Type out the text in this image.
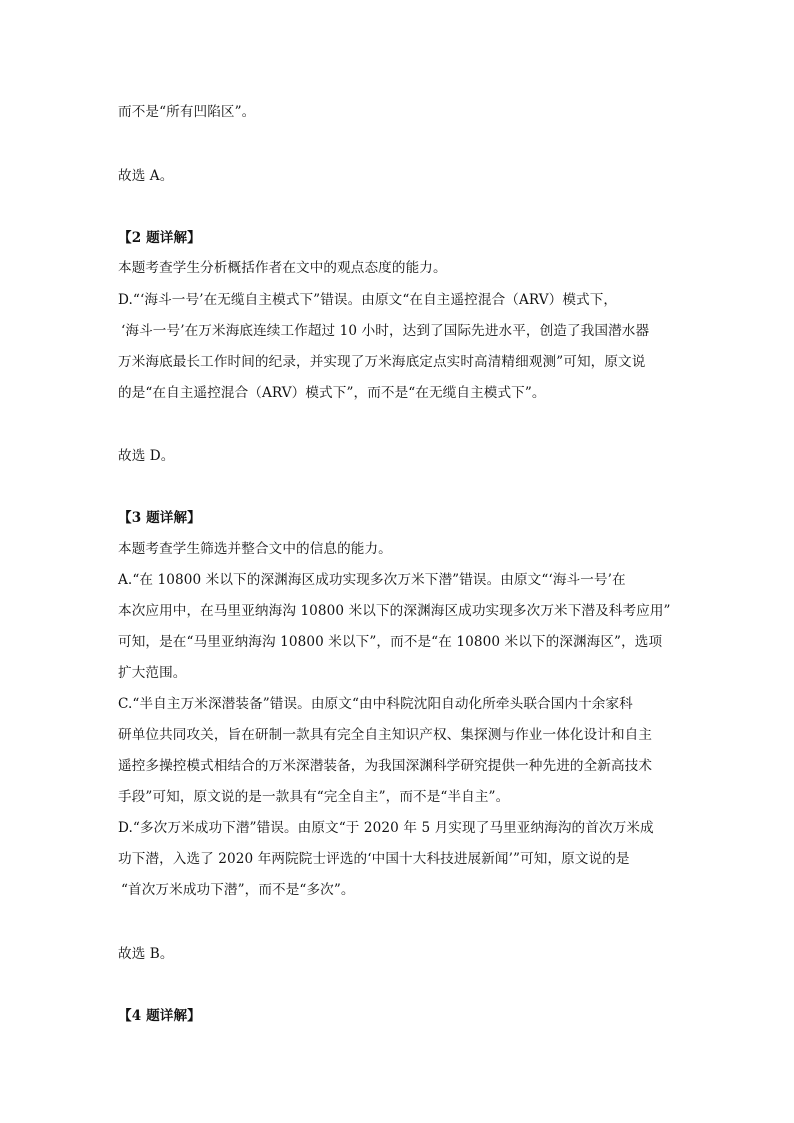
而不是“所有凹陷区”。
故选 A。
【2 题详解】
本题考查学生分析概括作者在文中的观点态度的能力。
D.“‘海斗一号’在无缆自主模式下”错误。由原文“在自主遥控混合（ARV）模式下，
‘海斗一号’在万米海底连续工作超过 10 小时，达到了国际先进水平，创造了我国潜水器
万米海底最长工作时间的纪录，并实现了万米海底定点实时高清精细观测”可知，原文说
的是“在自主遥控混合（ARV）模式下”，而不是“在无缆自主模式下”。
故选 D。
【3 题详解】
本题考查学生筛选并整合文中的信息的能力。
A.“在 10800 米以下的深渊海区成功实现多次万米下潜”错误。由原文“‘海斗一号’在
本次应用中，在马里亚纳海沟 10800 米以下的深渊海区成功实现多次万米下潜及科考应用”
可知，是在“马里亚纳海沟 10800 米以下”，而不是“在 10800 米以下的深渊海区”，选项
扩大范围。
C.“半自主万米深潜装备”错误。由原文“由中科院沈阳自动化所牵头联合国内十余家科
研单位共同攻关，旨在研制一款具有完全自主知识产权、集探测与作业一体化设计和自主
遥控多操控模式相结合的万米深潜装备，为我国深渊科学研究提供一种先进的全新高技术
手段”可知，原文说的是一款具有“完全自主”，而不是“半自主”。
D.“多次万米成功下潜”错误。由原文“于 2020 年 5 月实现了马里亚纳海沟的首次万米成
功下潜，入选了 2020 年两院院士评选的‘中国十大科技进展新闻’”可知，原文说的是
“首次万米成功下潜”，而不是“多次”。
故选 B。
【4 题详解】
